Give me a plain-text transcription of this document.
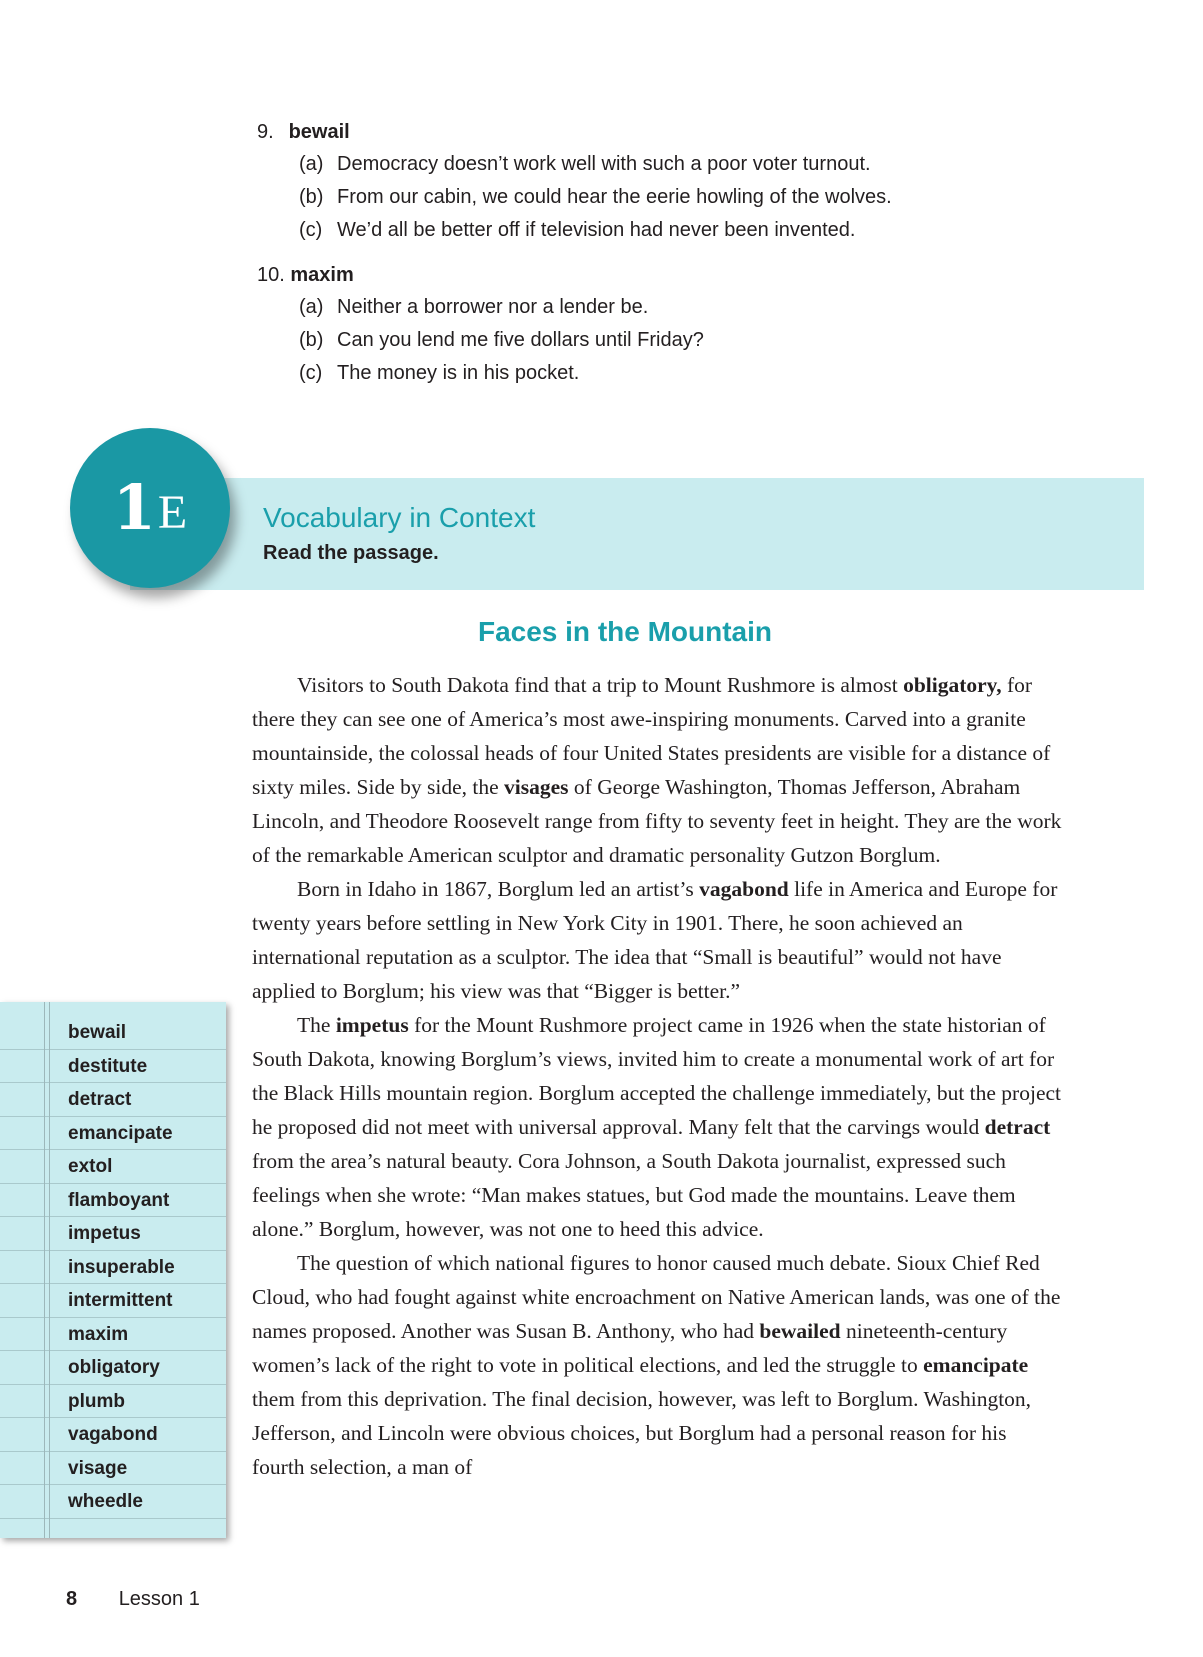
9. bewail

(a) Democracy doesn’t work well with such a poor voter turnout.

(b) From our cabin, we could hear the eerie howling of the wolves.

(c) We’d all be better off if television had never been invented.

10. maxim

(a) Neither a borrower nor a lender be.

(b) Can you lend me five dollars until Friday?

(c) The money is in his pocket.

Vocabulary in Context
Read the passage.
1 E
Faces in the Mountain

Visitors to South Dakota find that a trip to Mount Rushmore is almost obligatory, for there they can see one of America’s most awe-inspiring monuments. Carved into a granite mountainside, the colossal heads of four United States presidents are visible for a distance of sixty miles. Side by side, the visages of George Washington, Thomas Jefferson, Abraham Lincoln, and Theodore Roosevelt range from fifty to seventy feet in height. They are the work of the remarkable American sculptor and dramatic personality Gutzon Borglum.

Born in Idaho in 1867, Borglum led an artist’s vagabond life in America and Europe for twenty years before settling in New York City in 1901. There, he soon achieved an international reputation as a sculptor. The idea that “Small is beautiful” would not have applied to Borglum; his view was that “Bigger is better.”

The impetus for the Mount Rushmore project came in 1926 when the state historian of South Dakota, knowing Borglum’s views, invited him to create a monumental work of art for the Black Hills mountain region. Borglum accepted the challenge immediately, but the project he proposed did not meet with universal approval. Many felt that the carvings would detract from the area’s natural beauty. Cora Johnson, a South Dakota journalist, expressed such feelings when she wrote: “Man makes statues, but God made the mountains. Leave them alone.” Borglum, however, was not one to heed this advice.

The question of which national figures to honor caused much debate. Sioux Chief Red Cloud, who had fought against white encroachment on Native American lands, was one of the names proposed. Another was Susan B. Anthony, who had bewailed nineteenth-century women’s lack of the right to vote in political elections, and led the struggle to emancipate them from this deprivation. The final decision, however, was left to Borglum. Washington, Jefferson, and Lincoln were obvious choices, but Borglum had a personal reason for his fourth selection, a man of

bewail
destitute
detract
emancipate
extol
flamboyant
impetus
insuperable
intermittent
maxim
obligatory
plumb
vagabond
visage
wheedle
8 Lesson 1
